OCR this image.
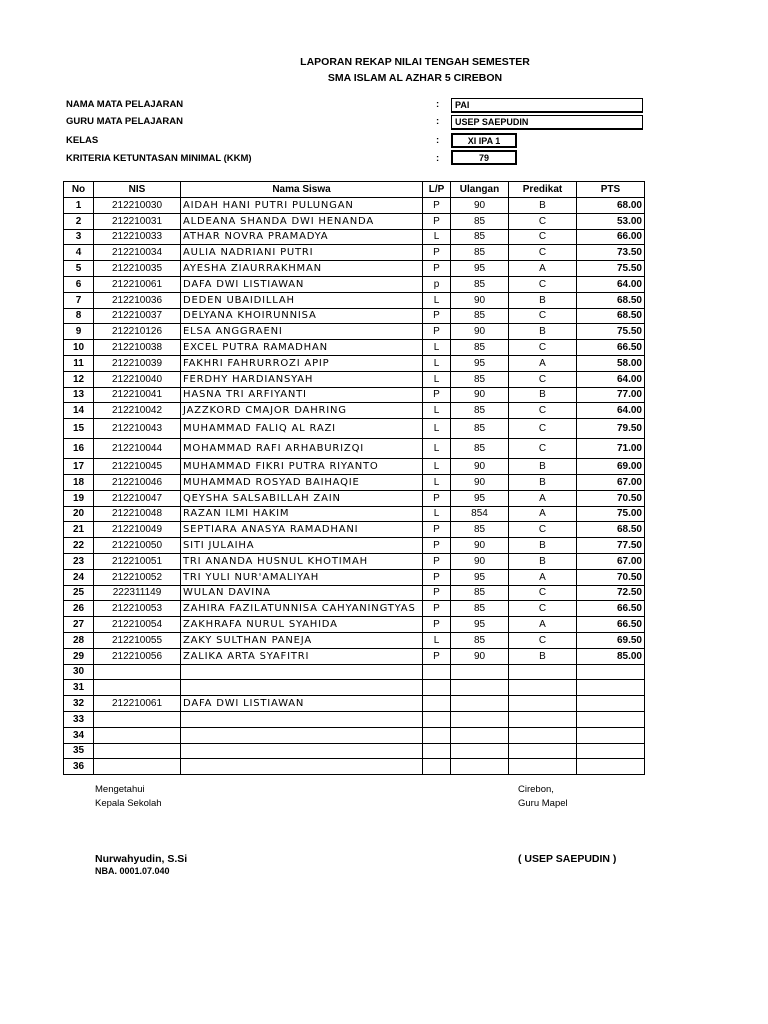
LAPORAN REKAP NILAI TENGAH SEMESTER
SMA ISLAM AL AZHAR 5 CIREBON
NAMA MATA PELAJARAN	:	PAI
GURU MATA PELAJARAN	:	USEP SAEPUDIN
KELAS	:	XI IPA 1
KRITERIA KETUNTASAN MINIMAL (KKM)	:	79
No	NIS	Nama Siswa	L/P	Ulangan	Predikat	PTS
1	212210030	AIDAH HANI PUTRI PULUNGAN	P	90	B	68.00
2	212210031	ALDEANA SHANDA DWI HENANDA	P	85	C	53.00
3	212210033	ATHAR NOVRA PRAMADYA	L	85	C	66.00
4	212210034	AULIA NADRIANI PUTRI	P	85	C	73.50
5	212210035	AYESHA ZIAURRAKHMAN	P	95	A	75.50
6	212210061	DAFA DWI LISTIAWAN	p	85	C	64.00
7	212210036	DEDEN UBAIDILLAH	L	90	B	68.50
8	212210037	DELYANA KHOIRUNNISA	P	85	C	68.50
9	212210126	ELSA ANGGRAENI	P	90	B	75.50
10	212210038	EXCEL PUTRA RAMADHAN	L	85	C	66.50
11	212210039	FAKHRI FAHRURROZI APIP	L	95	A	58.00
12	212210040	FERDHY HARDIANSYAH	L	85	C	64.00
13	212210041	HASNA TRI ARFIYANTI	P	90	B	77.00
14	212210042	JAZZKORD CMAJOR DAHRING	L	85	C	64.00
15	212210043	MUHAMMAD FALIQ AL RAZI	L	85	C	79.50
16	212210044	MOHAMMAD RAFI ARHABURIZQI	L	85	C	71.00
17	212210045	MUHAMMAD FIKRI PUTRA RIYANTO	L	90	B	69.00
18	212210046	MUHAMMAD ROSYAD BAIHAQIE	L	90	B	67.00
19	212210047	QEYSHA SALSABILLAH ZAIN	P	95	A	70.50
20	212210048	RAZAN ILMI HAKIM	L	854	A	75.00
21	212210049	SEPTIARA ANASYA RAMADHANI	P	85	C	68.50
22	212210050	SITI JULAIHA	P	90	B	77.50
23	212210051	TRI ANANDA HUSNUL KHOTIMAH	P	90	B	67.00
24	212210052	TRI YULI NUR'AMALIYAH	P	95	A	70.50
25	222311149	WULAN DAVINA	P	85	C	72.50
26	212210053	ZAHIRA FAZILATUNNISA CAHYANINGTYAS	P	85	C	66.50
27	212210054	ZAKHRAFA NURUL SYAHIDA	P	95	A	66.50
28	212210055	ZAKY SULTHAN PANEJA	L	85	C	69.50
29	212210056	ZALIKA ARTA SYAFITRI	P	90	B	85.00
30						
31						
32	212210061	DAFA DWI LISTIAWAN				
33						
34						
35						
36						
Mengetahui
Kepala Sekolah
Nurwahyudin, S.Si
NBA. 0001.07.040
Cirebon,
Guru Mapel
( USEP SAEPUDIN )
